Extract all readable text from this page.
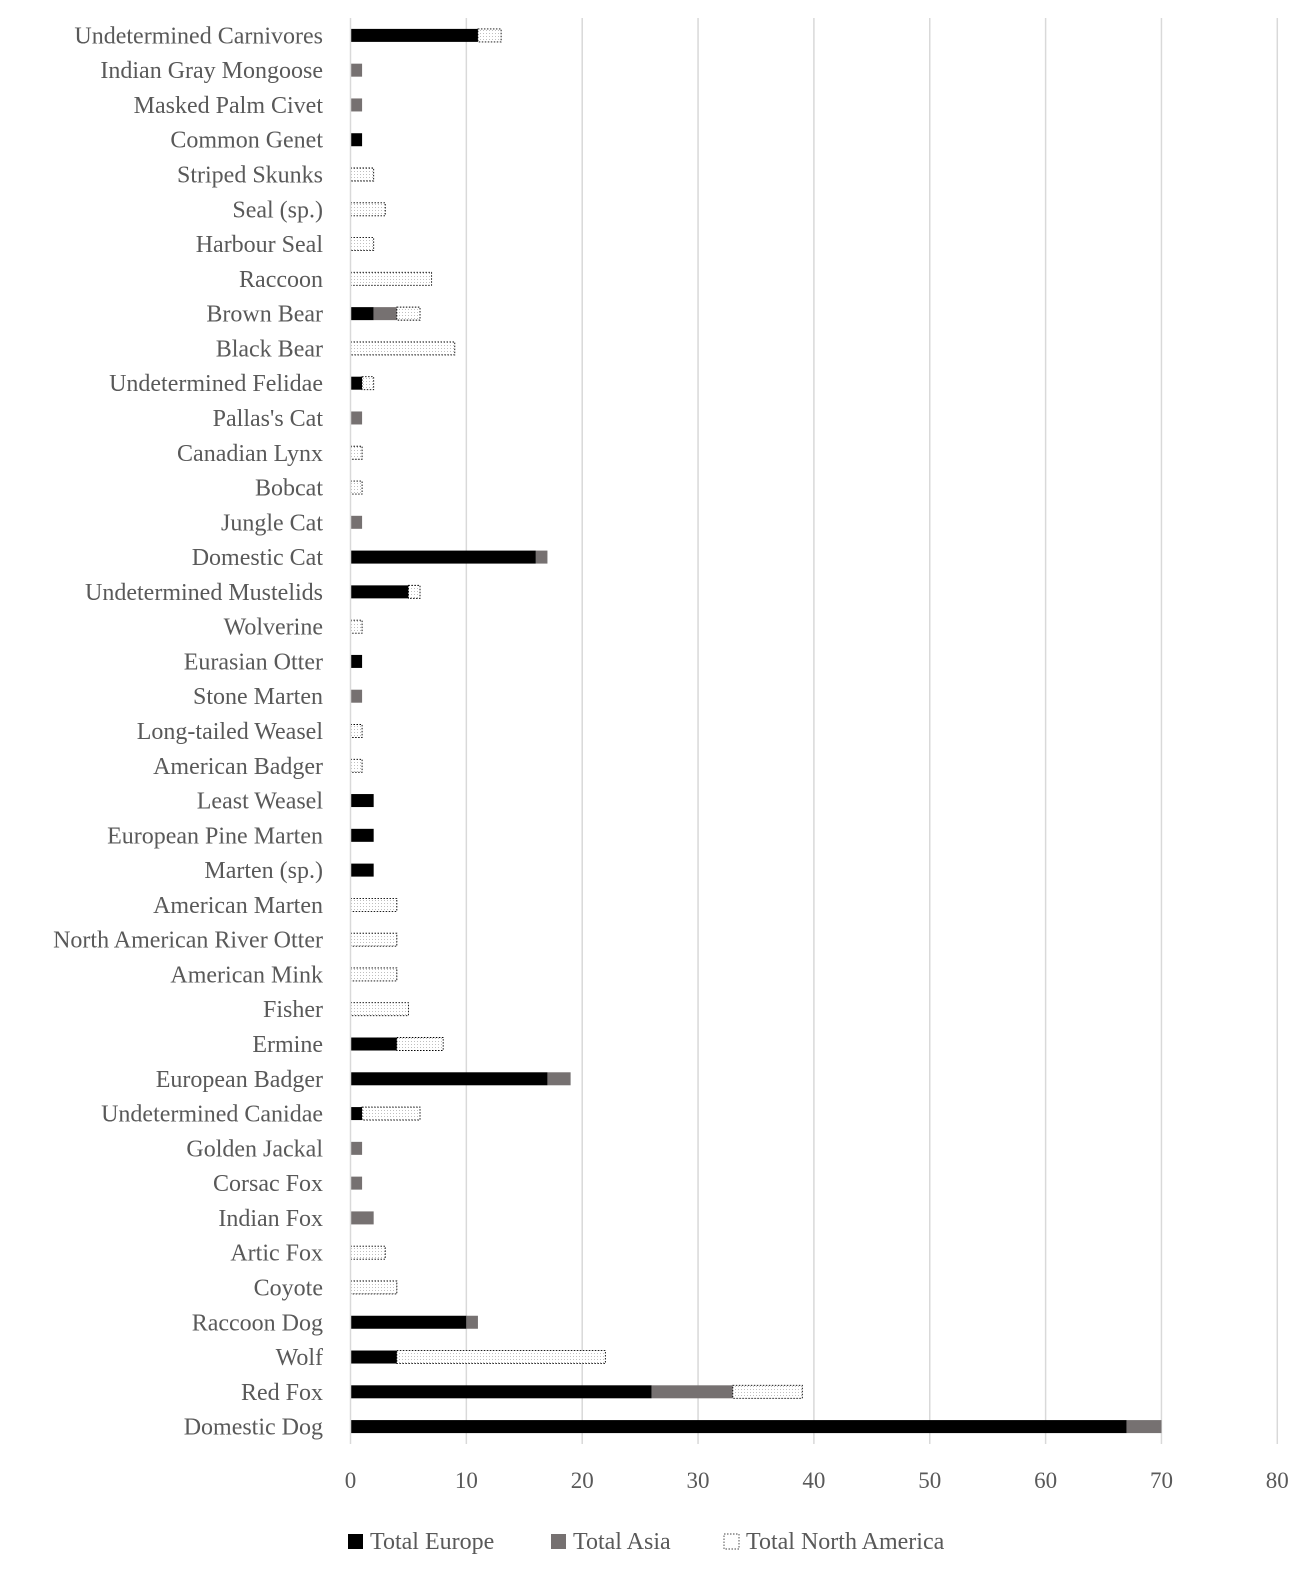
Undetermined Carnivores
Indian Gray Mongoose
Masked Palm Civet
Common Genet
Striped Skunks
Seal (sp.)
Harbour Seal
Raccoon
Brown Bear
Black Bear
Undetermined Felidae
Pallas's Cat
Canadian Lynx
Bobcat
Jungle Cat
Domestic Cat
Undetermined Mustelids
Wolverine
Eurasian Otter
Stone Marten
Long-tailed Weasel
American Badger
Least Weasel
European Pine Marten
Marten (sp.)
American Marten
North American River Otter
American Mink
Fisher
Ermine
European Badger
Undetermined Canidae
Golden Jackal
Corsac Fox
Indian Fox
Artic Fox
Coyote
Raccoon Dog
Wolf
Red Fox
Domestic Dog
0	10	20	30	40	50	60	70	80
Total Europe	Total Asia	Total North America
